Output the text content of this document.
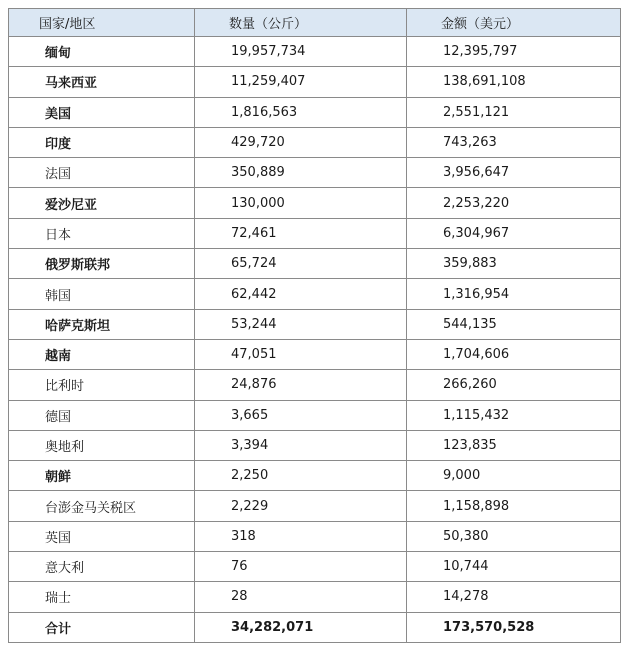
国家/地区	数量（公斤）	金额（美元）
缅甸	19,957,734	12,395,797
马来西亚	11,259,407	138,691,108
美国	1,816,563	2,551,121
印度	429,720	743,263
法国	350,889	3,956,647
爱沙尼亚	130,000	2,253,220
日本	72,461	6,304,967
俄罗斯联邦	65,724	359,883
韩国	62,442	1,316,954
哈萨克斯坦	53,244	544,135
越南	47,051	1,704,606
比利时	24,876	266,260
德国	3,665	1,115,432
奥地利	3,394	123,835
朝鲜	2,250	9,000
台澎金马关税区	2,229	1,158,898
英国	318	50,380
意大利	76	10,744
瑞士	28	14,278
合计	34,282,071	173,570,528
